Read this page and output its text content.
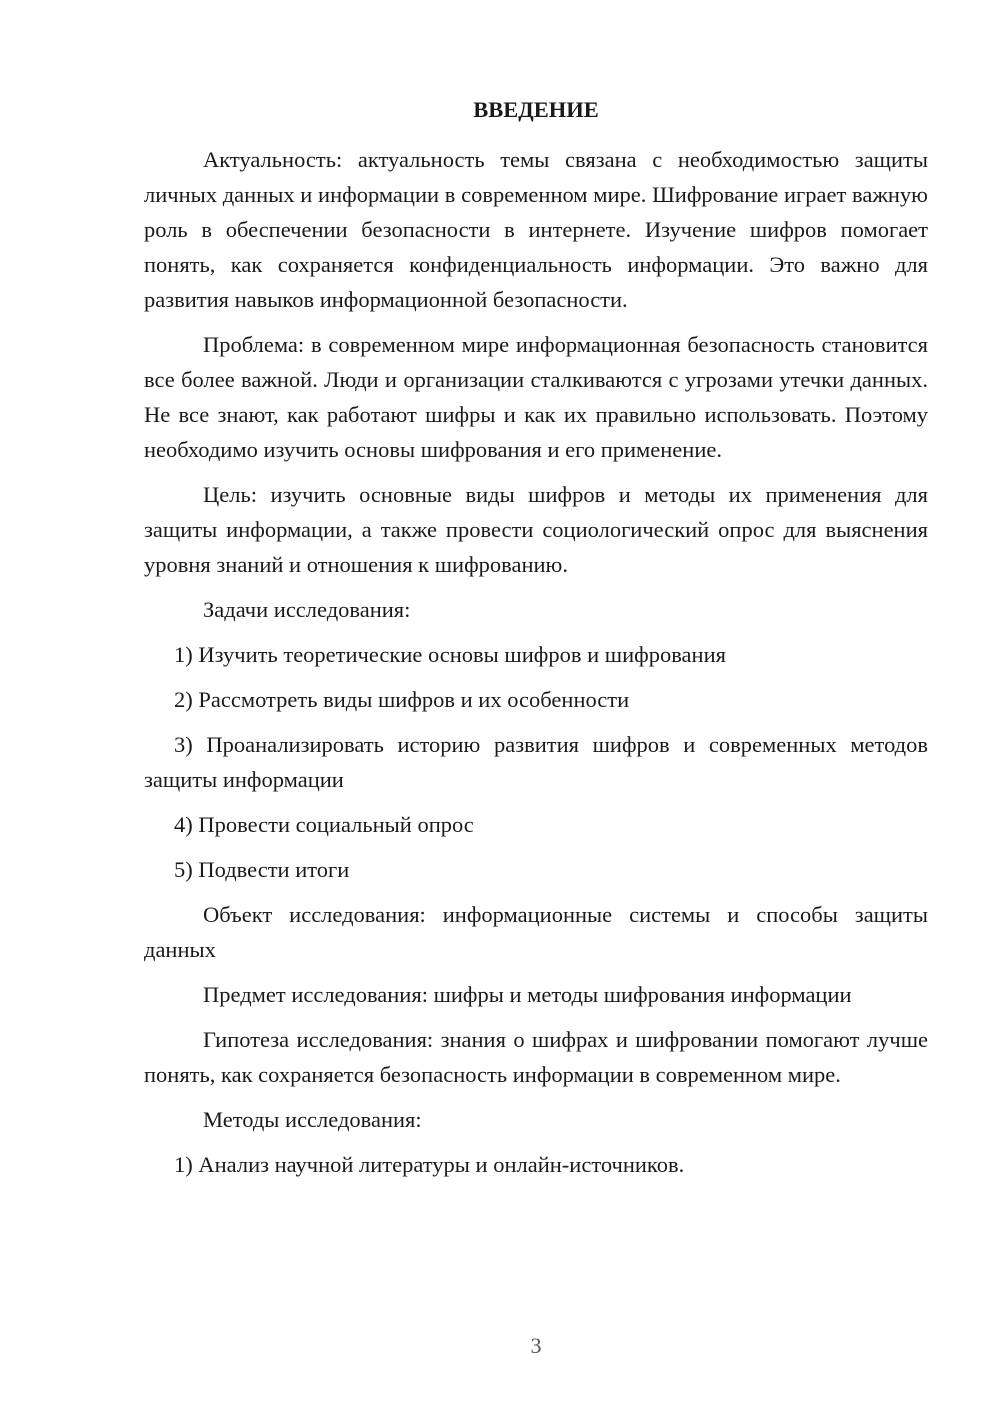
ВВЕДЕНИЕ

Актуальность: актуальность темы связана с необходимостью защиты личных данных и информации в современном мире. Шифрование играет важную роль в обеспечении безопасности в интернете. Изучение шифров помогает понять, как сохраняется конфиденциальность информации. Это важно для развития навыков информационной безопасности.

Проблема: в современном мире информационная безопасность становится все более важной. Люди и организации сталкиваются с угрозами утечки данных. Не все знают, как работают шифры и как их правильно использовать. Поэтому необходимо изучить основы шифрования и его применение.

Цель: изучить основные виды шифров и методы их применения для защиты информации, а также провести социологический опрос для выяснения уровня знаний и отношения к шифрованию.

Задачи исследования:

1) Изучить теоретические основы шифров и шифрования

2) Рассмотреть виды шифров и их особенности

3) Проанализировать историю развития шифров и современных методов защиты информации

4) Провести социальный опрос

5) Подвести итоги

Объект исследования: информационные системы и способы защиты данных

Предмет исследования: шифры и методы шифрования информации

Гипотеза исследования: знания о шифрах и шифровании помогают лучше понять, как сохраняется безопасность информации в современном мире.

Методы исследования:

1) Анализ научной литературы и онлайн-источников.

3
